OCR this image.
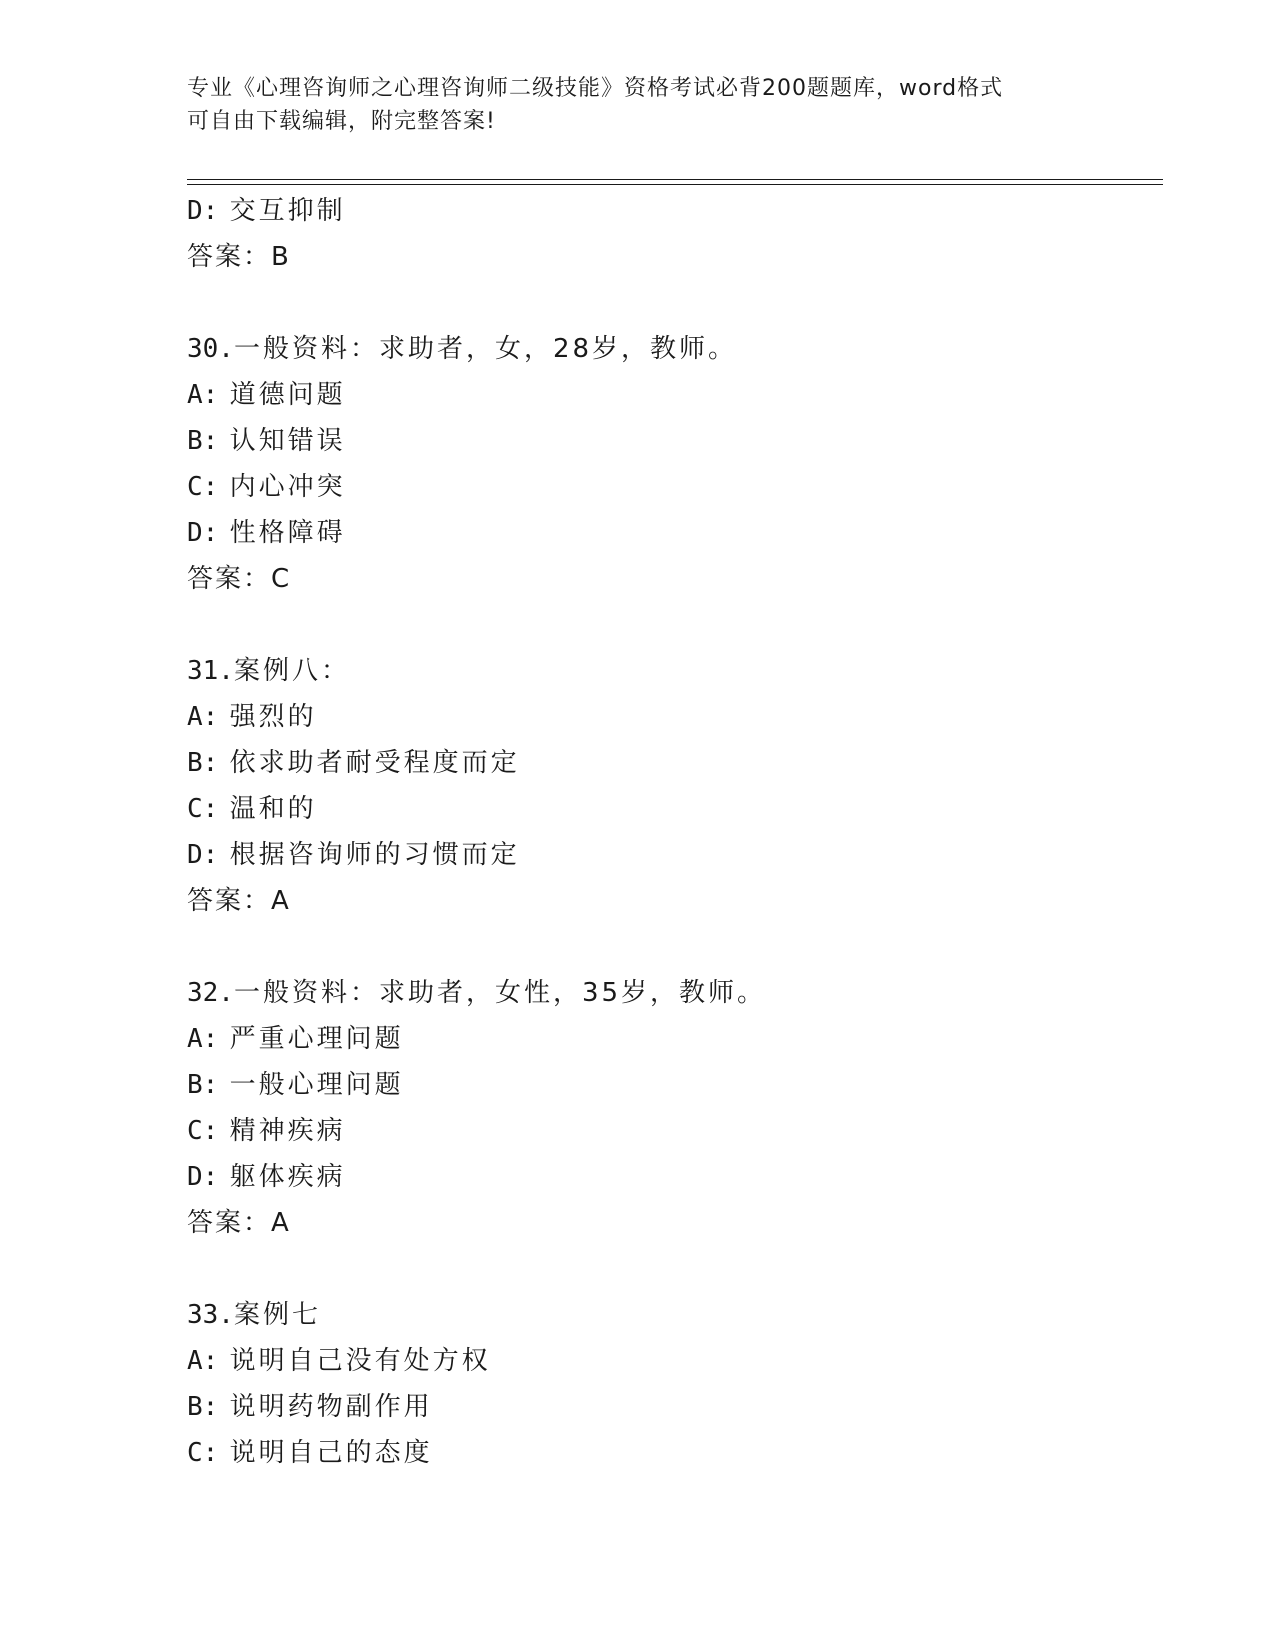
专业《心理咨询师之心理咨询师二级技能》资格考试必背200题题库，word格式
可自由下载编辑，附完整答案!
D: 交互抑制
答案：B
30.一般资料：求助者，女，28岁，教师。
A: 道德问题
B: 认知错误
C: 内心冲突
D: 性格障碍
答案：C
31.案例八：
A: 强烈的
B: 依求助者耐受程度而定
C: 温和的
D: 根据咨询师的习惯而定
答案：A
32.一般资料：求助者，女性，35岁，教师。
A: 严重心理问题
B: 一般心理问题
C: 精神疾病
D: 躯体疾病
答案：A
33.案例七
A: 说明自己没有处方权
B: 说明药物副作用
C: 说明自己的态度
